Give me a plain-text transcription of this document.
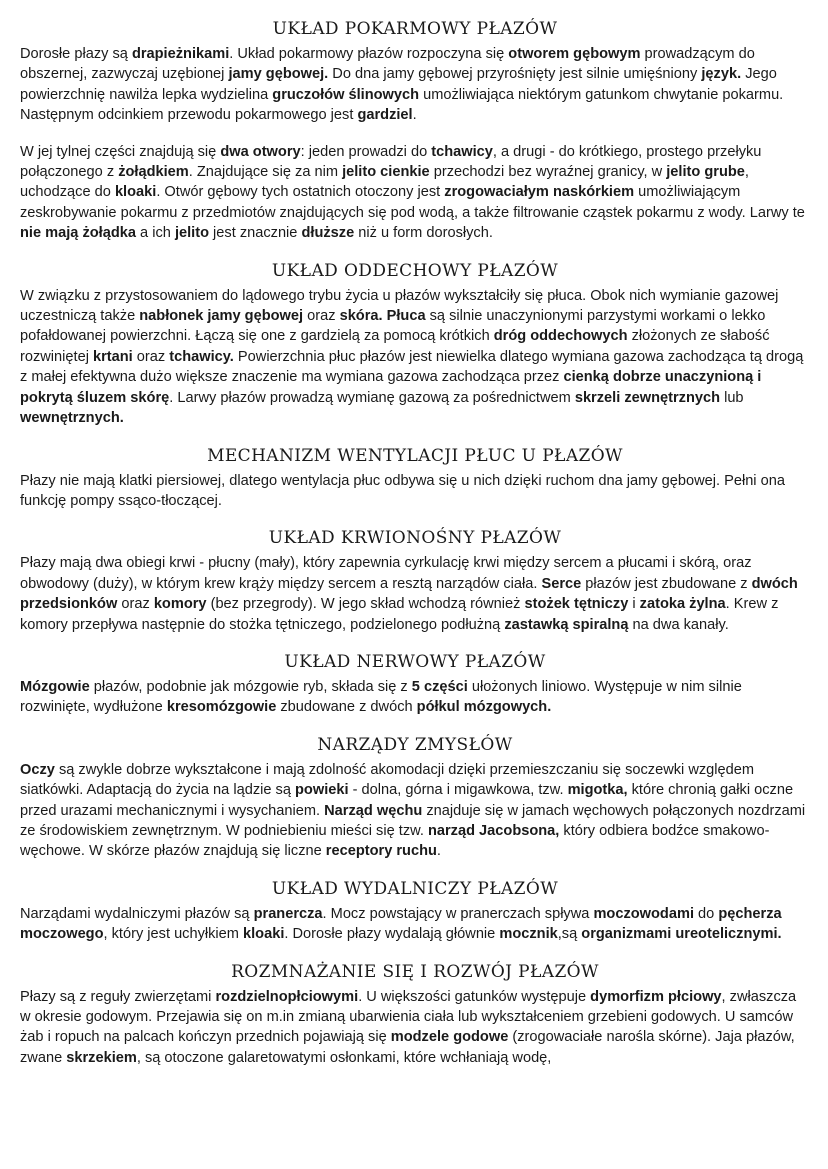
UKŁAD POKARMOWY PŁAZÓW

Dorosłe płazy są drapieżnikami. Układ pokarmowy płazów rozpoczyna się otworem gębowym prowadzącym do obszernej, zazwyczaj uzębionej jamy gębowej. Do dna jamy gębowej przyrośnięty jest silnie umięśniony język. Jego powierzchnię nawilża lepka wydzielina gruczołów ślinowych umożliwiająca niektórym gatunkom chwytanie pokarmu. Następnym odcinkiem przewodu pokarmowego jest gardziel.

W jej tylnej części znajdują się dwa otwory: jeden prowadzi do tchawicy, a drugi - do krótkiego, prostego przełyku połączonego z żołądkiem. Znajdujące się za nim jelito cienkie przechodzi bez wyraźnej granicy, w jelito grube, uchodzące do kloaki. Otwór gębowy tych ostatnich otoczony jest zrogowaciałym naskórkiem umożliwiającym zeskrobywanie pokarmu z przedmiotów znajdujących się pod wodą, a także filtrowanie cząstek pokarmu z wody. Larwy te nie mają żołądka a ich jelito jest znacznie dłuższe niż u form dorosłych.

UKŁAD ODDECHOWY PŁAZÓW

W związku z przystosowaniem do lądowego trybu życia u płazów wykształciły się płuca. Obok nich wymianie gazowej uczestniczą także nabłonek jamy gębowej oraz skóra. Płuca są silnie unaczynionymi parzystymi workami o lekko pofałdowanej powierzchni. Łączą się one z gardzielą za pomocą krótkich dróg oddechowych złożonych ze słabość rozwiniętej krtani oraz tchawicy. Powierzchnia płuc płazów jest niewielka dlatego wymiana gazowa zachodząca tą drogą z małej efektywna dużo większe znaczenie ma wymiana gazowa zachodząca przez cienką dobrze unaczynioną i pokrytą śluzem skórę. Larwy płazów prowadzą wymianę gazową za pośrednictwem skrzeli zewnętrznych lub wewnętrznych.

MECHANIZM WENTYLACJI PŁUC U PŁAZÓW

Płazy nie mają klatki piersiowej, dlatego wentylacja płuc odbywa się u nich dzięki ruchom dna jamy gębowej. Pełni ona funkcję pompy ssąco-tłoczącej.

UKŁAD KRWIONOŚNY PŁAZÓW

Płazy mają dwa obiegi krwi - płucny (mały), który zapewnia cyrkulację krwi między sercem a płucami i skórą, oraz obwodowy (duży), w którym krew krąży między sercem a resztą narządów ciała. Serce płazów jest zbudowane z dwóch przedsionków oraz komory (bez przegrody). W jego skład wchodzą również stożek tętniczy i zatoka żylna. Krew z komory przepływa następnie do stożka tętniczego, podzielonego podłużną zastawką spiralną na dwa kanały.

UKŁAD NERWOWY PŁAZÓW

Mózgowie płazów, podobnie jak mózgowie ryb, składa się z 5 części ułożonych liniowo. Występuje w nim silnie rozwinięte, wydłużone kresomózgowie zbudowane z dwóch półkul mózgowych.

NARZĄDY ZMYSŁÓW

Oczy są zwykle dobrze wykształcone i mają zdolność akomodacji dzięki przemieszczaniu się soczewki względem siatkówki. Adaptacją do życia na lądzie są powieki - dolna, górna i migawkowa, tzw. migotka, które chronią gałki oczne przed urazami mechanicznymi i wysychaniem. Narząd węchu znajduje się w jamach węchowych połączonych nozdrzami ze środowiskiem zewnętrznym. W podniebieniu mieści się tzw. narząd Jacobsona, który odbiera bodźce smakowo-węchowe. W skórze płazów znajdują się liczne receptory ruchu.

UKŁAD WYDALNICZY PŁAZÓW

Narządami wydalniczymi płazów są pranercza. Mocz powstający w pranerczach spływa moczowodami do pęcherza moczowego, który jest uchyłkiem kloaki. Dorosłe płazy wydalają głównie mocznik,są organizmami ureotelicznymi.

ROZMNAŻANIE SIĘ I ROZWÓJ PŁAZÓW

Płazy są z reguły zwierzętami rozdzielnopłciowymi. U większości gatunków występuje dymorfizm płciowy, zwłaszcza w okresie godowym. Przejawia się on m.in zmianą ubarwienia ciała lub wykształceniem grzebieni godowych. U samców żab i ropuch na palcach kończyn przednich pojawiają się modzele godowe (zrogowaciałe narośla skórne). Jaja płazów, zwane skrzekiem, są otoczone galaretowatymi osłonkami, które wchłaniają wodę,
